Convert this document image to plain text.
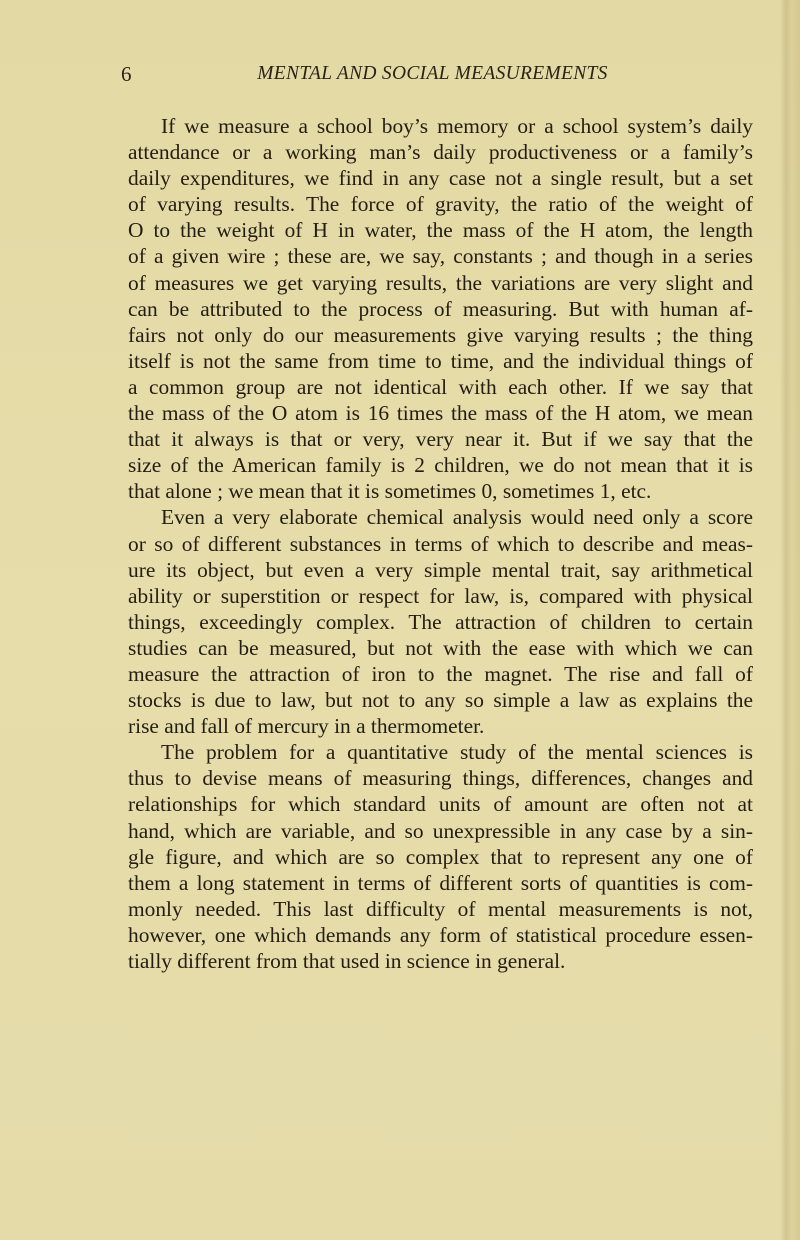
6	MENTAL AND SOCIAL MEASUREMENTS
If we measure a school boy’s memory or a school system’s daily
attendance or a working man’s daily productiveness or a family’s
daily expenditures, we find in any case not a single result, but a set
of varying results. The force of gravity, the ratio of the weight of
O to the weight of H in water, the mass of the H atom, the length
of a given wire ; these are, we say, constants ; and though in a series
of measures we get varying results, the variations are very slight and
can be attributed to the process of measuring. But with human af-
fairs not only do our measurements give varying results ; the thing
itself is not the same from time to time, and the individual things of
a common group are not identical with each other. If we say that
the mass of the O atom is 16 times the mass of the H atom, we mean
that it always is that or very, very near it. But if we say that the
size of the American family is 2 children, we do not mean that it is
that alone ; we mean that it is sometimes 0, sometimes 1, etc.
Even a very elaborate chemical analysis would need only a score
or so of different substances in terms of which to describe and meas-
ure its object, but even a very simple mental trait, say arithmetical
ability or superstition or respect for law, is, compared with physical
things, exceedingly complex. The attraction of children to certain
studies can be measured, but not with the ease with which we can
measure the attraction of iron to the magnet. The rise and fall of
stocks is due to law, but not to any so simple a law as explains the
rise and fall of mercury in a thermometer.
The problem for a quantitative study of the mental sciences is
thus to devise means of measuring things, differences, changes and
relationships for which standard units of amount are often not at
hand, which are variable, and so unexpressible in any case by a sin-
gle figure, and which are so complex that to represent any one of
them a long statement in terms of different sorts of quantities is com-
monly needed. This last difficulty of mental measurements is not,
however, one which demands any form of statistical procedure essen-
tially different from that used in science in general.
